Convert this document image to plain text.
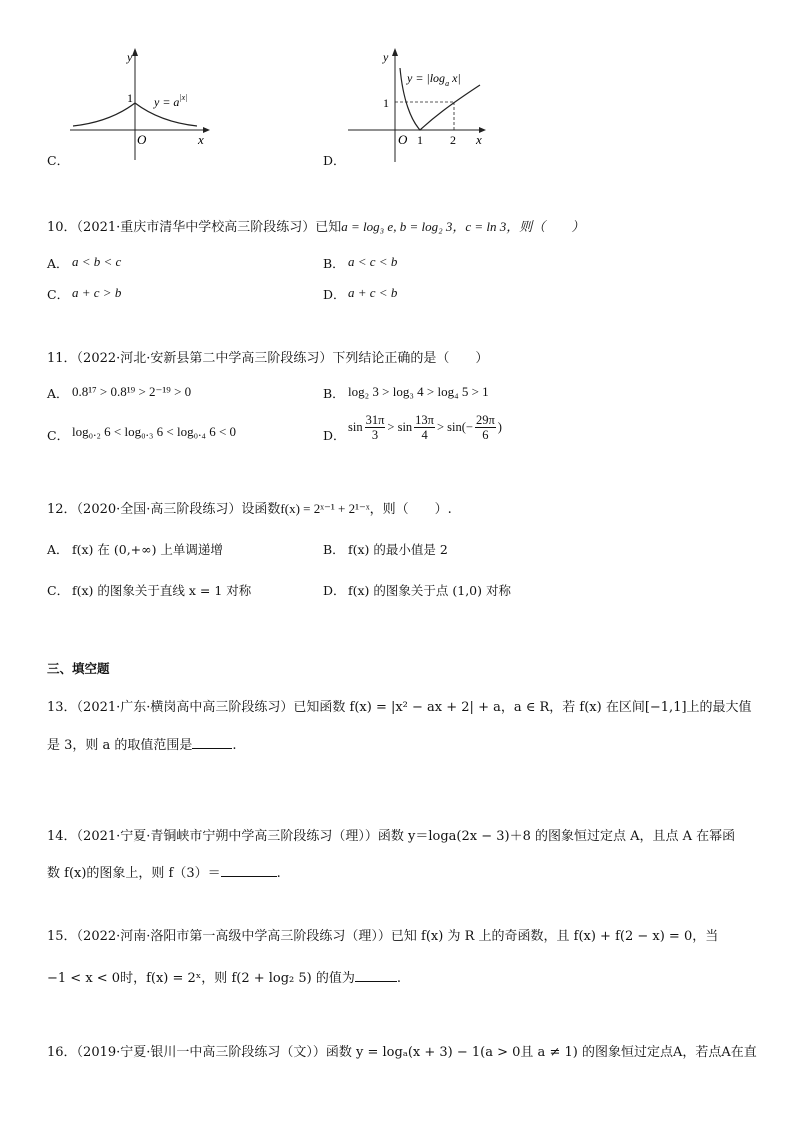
C．
1
y
x
O
$y = a^{|x|}$
D．
1
1 2
O	x
y
$y = |\log_a$ x|
10．（2021·重庆市清华中学校高三阶段练习）已知a = log₃ e, b = log₂ 3，c = ln 3，则（　　）
A． a < b < c	B． a < c < b
C． a + c > b	D． a + c < b
11．（2022·河北·安新县第二中学高三阶段练习）下列结论正确的是（　　）
A． 0.8¹⁷ > 0.8¹⁹ > 2⁻¹⁹ > 0	B． log₂ 3 > log₃ 4 > log₄ 5 > 1
C． log₀.₂ 6 < log₀.₃ 6 < log₀.₄ 6 < 0	D．
sin 31π
3
> sin 13π
4
> $\sin(- \frac{29\pi}{6}$ )
12．（2020·全国·高三阶段练习）设函数f(x) = 2ˣ⁻¹ + 2¹⁻ˣ，则（　　）.
A． f(x) 在 (0,+∞) 上单调递增	B． f(x) 的最小值是 2
C． f(x) 的图象关于直线 x = 1 对称	D． f(x) 的图象关于点 (1,0) 对称
三、填空题
13．（2021·广东·横岗高中高三阶段练习）已知函数 f(x) = |x² − ax + 2| + a，a ∈ R，若 f(x) 在区间[−1,1]上的最大值
是 3，则 a 的取值范围是	.
14．（2021·宁夏·青铜峡市宁朔中学高三阶段练习（理））函数 y＝loga(2x − 3)＋8 的图象恒过定点 A，且点 A 在幂函
数 f(x)的图象上，则 f（3）＝	.
15．（2022·河南·洛阳市第一高级中学高三阶段练习（理））已知 f(x) 为 R 上的奇函数，且 f(x) + f(2 − x) = 0，当
−1 < x < 0时，f(x) = 2ˣ，则 f(2 + log₂ 5) 的值为	.
16．（2019·宁夏·银川一中高三阶段练习（文））函数 y = logₐ(x + 3) − 1(a > 0且 a ≠ 1) 的图象恒过定点A，若点A在直
